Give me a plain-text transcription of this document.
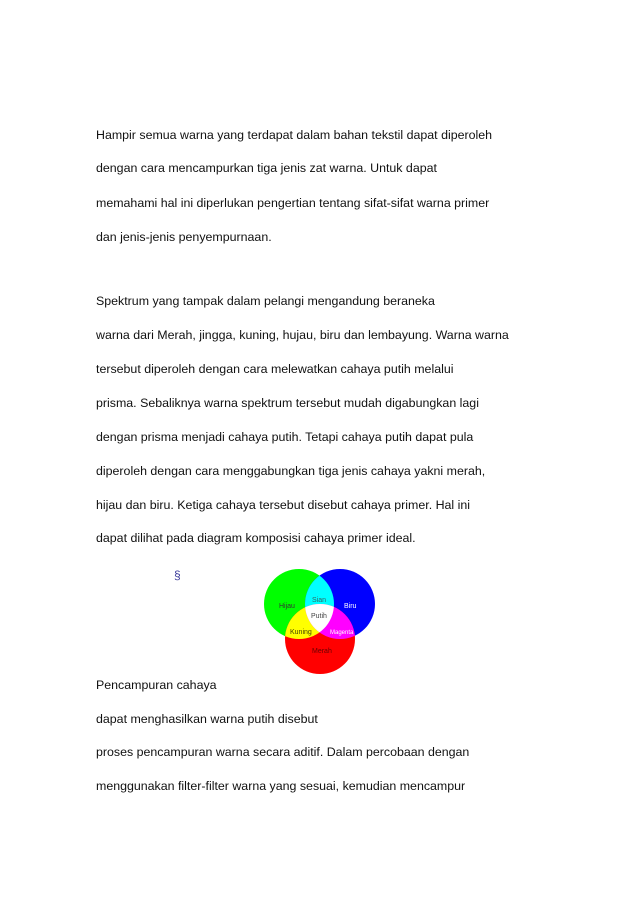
Hampir semua warna yang terdapat dalam bahan tekstil dapat diperoleh
dengan cara mencampurkan tiga jenis zat warna. Untuk dapat
memahami hal ini diperlukan pengertian tentang sifat-sifat warna primer
dan jenis-jenis penyempurnaan.
Spektrum yang tampak dalam pelangi mengandung beraneka
warna dari Merah, jingga, kuning, hujau, biru dan lembayung. Warna warna
tersebut diperoleh dengan cara melewatkan cahaya putih melalui
prisma. Sebaliknya warna spektrum tersebut mudah digabungkan lagi
dengan prisma menjadi cahaya putih. Tetapi cahaya putih dapat pula
diperoleh dengan cara menggabungkan tiga jenis cahaya yakni merah,
hijau dan biru. Ketiga cahaya tersebut disebut cahaya primer. Hal ini
dapat dilihat pada diagram komposisi cahaya primer ideal.
§
Hijau	Biru
Sian
Putih
Kuning	Magenta
Merah
Pencampuran cahaya
dapat menghasilkan warna putih disebut
proses pencampuran warna secara aditif. Dalam percobaan dengan
menggunakan filter-filter warna yang sesuai, kemudian mencampur
